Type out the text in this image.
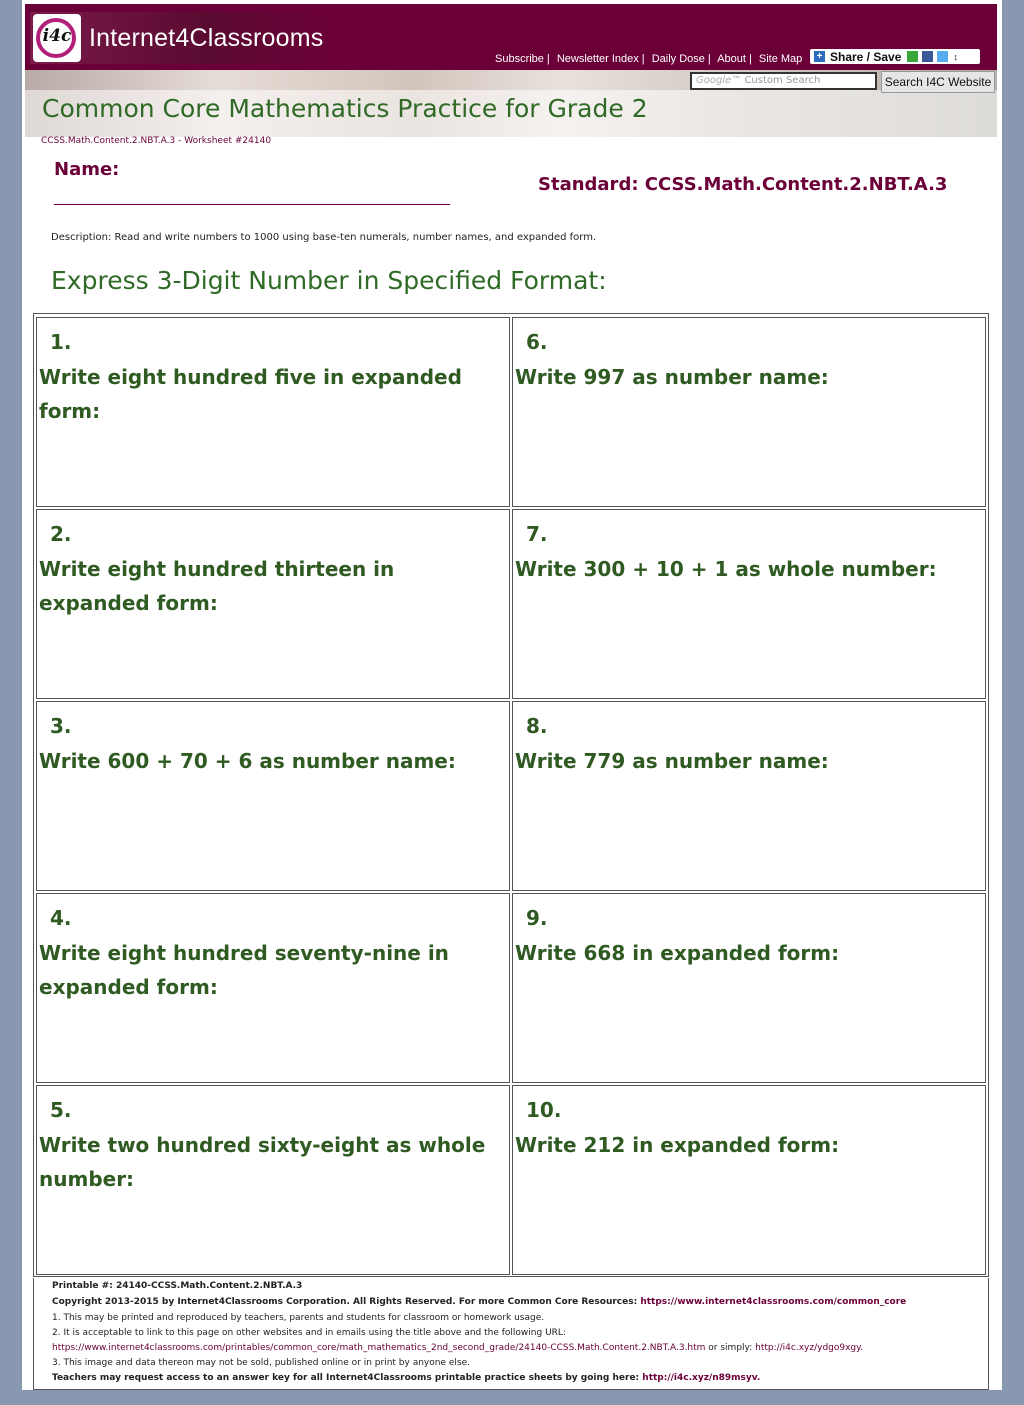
i4c Internet4Classrooms
Subscribe | Newsletter Index | Daily Dose | About | Site Map + Share / Save	↕
Google™ Custom Search	Search I4C Website
Common Core Mathematics Practice for Grade 2
CCSS.Math.Content.2.NBT.A.3 - Worksheet #24140
Name:
Standard: CCSS.Math.Content.2.NBT.A.3
Description: Read and write numbers to 1000 using base-ten numerals, number names, and expanded form.
Express 3-Digit Number in Specified Format:
1.
Write eight hundred five in expanded form:
2.
Write eight hundred thirteen in expanded form:
3.
Write 600 + 70 + 6 as number name:
4.
Write eight hundred seventy-nine in expanded form:
5.
Write two hundred sixty-eight as whole number:
6.
Write 997 as number name:
7.
Write 300 + 10 + 1 as whole number:
8.
Write 779 as number name:
9.
Write 668 in expanded form:
10.
Write 212 in expanded form:
Printable #: 24140-CCSS.Math.Content.2.NBT.A.3
Copyright 2013-2015 by Internet4Classrooms Corporation. All Rights Reserved. For more Common Core Resources: https://www.internet4classrooms.com/common_core
1. This may be printed and reproduced by teachers, parents and students for classroom or homework usage.
2. It is acceptable to link to this page on other websites and in emails using the title above and the following URL:
https://www.internet4classrooms.com/printables/common_core/math_mathematics_2nd_second_grade/24140-CCSS.Math.Content.2.NBT.A.3.htm or simply: http://i4c.xyz/ydgo9xgy.
3. This image and data thereon may not be sold, published online or in print by anyone else.
Teachers may request access to an answer key for all Internet4Classrooms printable practice sheets by going here: http://i4c.xyz/n89msyv.
